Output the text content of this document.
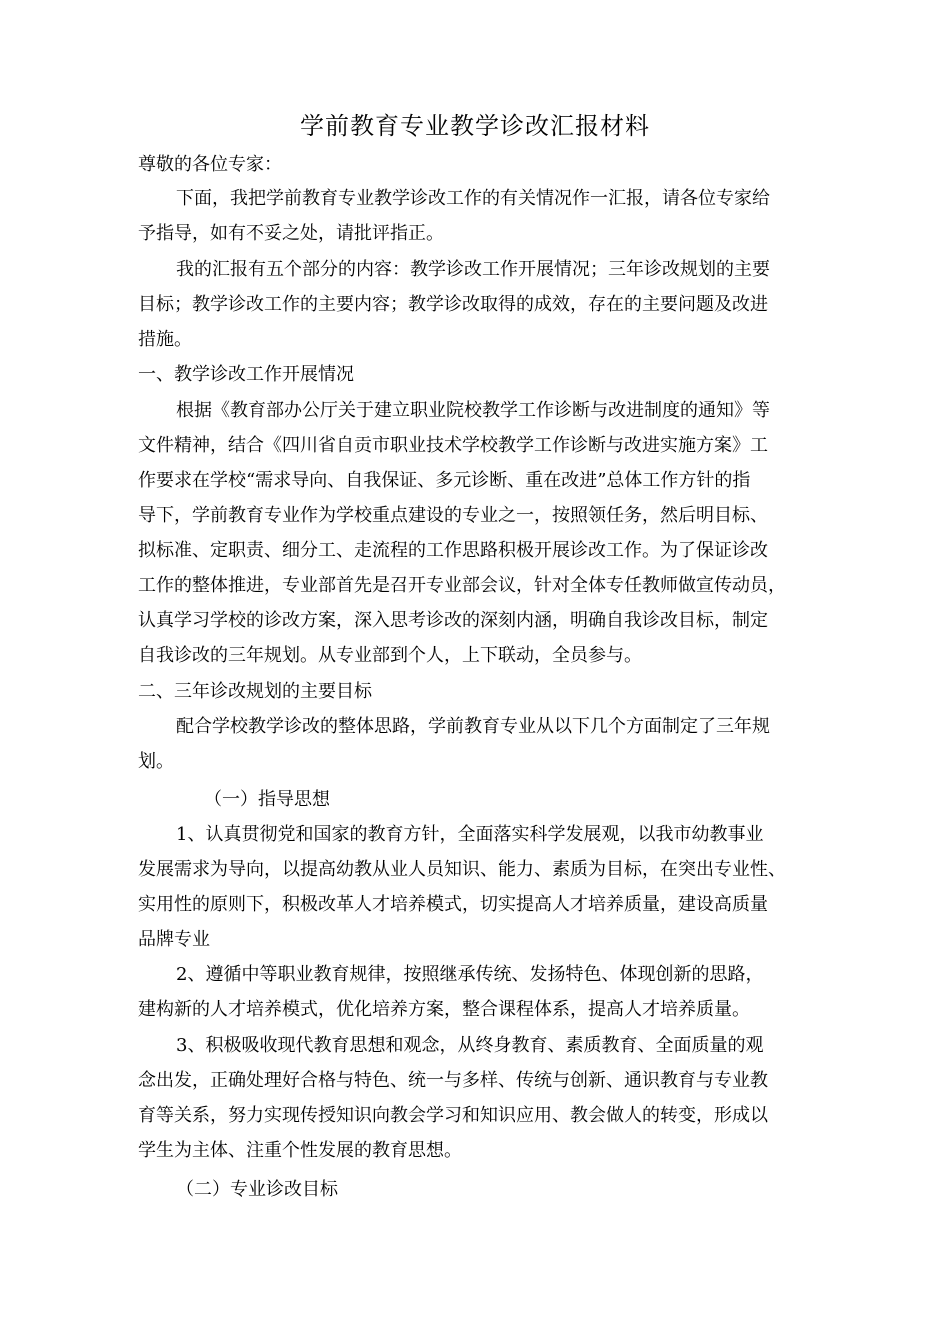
学前教育专业教学诊改汇报材料
尊敬的各位专家：
下面，我把学前教育专业教学诊改工作的有关情况作一汇报，请各位专家给
予指导，如有不妥之处，请批评指正。
我的汇报有五个部分的内容：教学诊改工作开展情况；三年诊改规划的主要
目标；教学诊改工作的主要内容；教学诊改取得的成效，存在的主要问题及改进
措施。
一、教学诊改工作开展情况
根据《教育部办公厅关于建立职业院校教学工作诊断与改进制度的通知》等
文件精神，结合《四川省自贡市职业技术学校教学工作诊断与改进实施方案》工
作要求在学校“需求导向、自我保证、多元诊断、重在改进”总体工作方针的指
导下，学前教育专业作为学校重点建设的专业之一，按照领任务，然后明目标、
拟标准、定职责、细分工、走流程的工作思路积极开展诊改工作。为了保证诊改
工作的整体推进，专业部首先是召开专业部会议，针对全体专任教师做宣传动员，
认真学习学校的诊改方案，深入思考诊改的深刻内涵，明确自我诊改目标，制定
自我诊改的三年规划。从专业部到个人，上下联动，全员参与。
二、三年诊改规划的主要目标
配合学校教学诊改的整体思路，学前教育专业从以下几个方面制定了三年规
划。
（一）指导思想
1、认真贯彻党和国家的教育方针，全面落实科学发展观，以我市幼教事业
发展需求为导向，以提高幼教从业人员知识、能力、素质为目标，在突出专业性、
实用性的原则下，积极改革人才培养模式，切实提高人才培养质量，建设高质量
品牌专业
2、遵循中等职业教育规律，按照继承传统、发扬特色、体现创新的思路，
建构新的人才培养模式，优化培养方案，整合课程体系，提高人才培养质量。
3、积极吸收现代教育思想和观念，从终身教育、素质教育、全面质量的观
念出发，正确处理好合格与特色、统一与多样、传统与创新、通识教育与专业教
育等关系，努力实现传授知识向教会学习和知识应用、教会做人的转变，形成以
学生为主体、注重个性发展的教育思想。
（二）专业诊改目标
